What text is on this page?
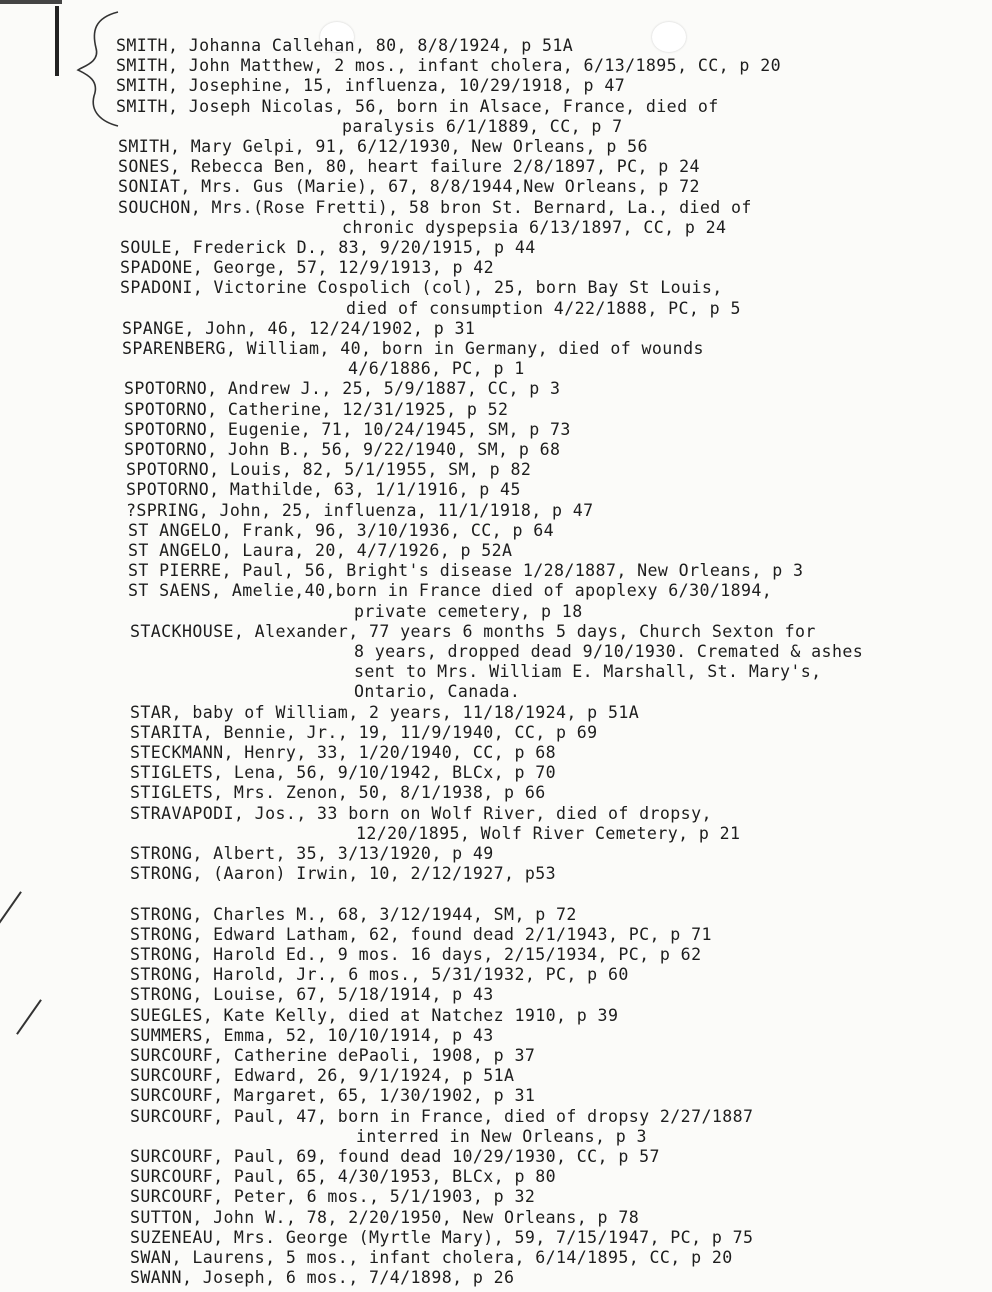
SMITH, Johanna Callehan, 80, 8/8/1924, p 51A
SMITH, John Matthew, 2 mos., infant cholera, 6/13/1895, CC, p 20
SMITH, Josephine, 15, influenza, 10/29/1918, p 47
SMITH, Joseph Nicolas, 56, born in Alsace, France, died of
paralysis 6/1/1889, CC, p 7
SMITH, Mary Gelpi, 91, 6/12/1930, New Orleans, p 56
SONES, Rebecca Ben, 80, heart failure 2/8/1897, PC, p 24
SONIAT, Mrs. Gus (Marie), 67, 8/8/1944,New Orleans, p 72
SOUCHON, Mrs.(Rose Fretti), 58 bron St. Bernard, La., died of
chronic dyspepsia 6/13/1897, CC, p 24
SOULE, Frederick D., 83, 9/20/1915, p 44
SPADONE, George, 57, 12/9/1913, p 42
SPADONI, Victorine Cospolich (col), 25, born Bay St Louis,
died of consumption 4/22/1888, PC, p 5
SPANGE, John, 46, 12/24/1902, p 31
SPARENBERG, William, 40, born in Germany, died of wounds
4/6/1886, PC, p 1
SPOTORNO, Andrew J., 25, 5/9/1887, CC, p 3
SPOTORNO, Catherine, 12/31/1925, p 52
SPOTORNO, Eugenie, 71, 10/24/1945, SM, p 73
SPOTORNO, John B., 56, 9/22/1940, SM, p 68
SPOTORNO, Louis, 82, 5/1/1955, SM, p 82
SPOTORNO, Mathilde, 63, 1/1/1916, p 45
?SPRING, John, 25, influenza, 11/1/1918, p 47
ST ANGELO, Frank, 96, 3/10/1936, CC, p 64
ST ANGELO, Laura, 20, 4/7/1926, p 52A
ST PIERRE, Paul, 56, Bright's disease 1/28/1887, New Orleans, p 3
ST SAENS, Amelie,40,born in France died of apoplexy 6/30/1894,
private cemetery, p 18
STACKHOUSE, Alexander, 77 years 6 months 5 days, Church Sexton for
8 years, dropped dead 9/10/1930. Cremated & ashes
sent to Mrs. William E. Marshall, St. Mary's,
Ontario, Canada.
STAR, baby of William, 2 years, 11/18/1924, p 51A
STARITA, Bennie, Jr., 19, 11/9/1940, CC, p 69
STECKMANN, Henry, 33, 1/20/1940, CC, p 68
STIGLETS, Lena, 56, 9/10/1942, BLCx, p 70
STIGLETS, Mrs. Zenon, 50, 8/1/1938, p 66
STRAVAPODI, Jos., 33 born on Wolf River, died of dropsy,
12/20/1895, Wolf River Cemetery, p 21
STRONG, Albert, 35, 3/13/1920, p 49
STRONG, (Aaron) Irwin, 10, 2/12/1927, p53
STRONG, Charles M., 68, 3/12/1944, SM, p 72
STRONG, Edward Latham, 62, found dead 2/1/1943, PC, p 71
STRONG, Harold Ed., 9 mos. 16 days, 2/15/1934, PC, p 62
STRONG, Harold, Jr., 6 mos., 5/31/1932, PC, p 60
STRONG, Louise, 67, 5/18/1914, p 43
SUEGLES, Kate Kelly, died at Natchez 1910, p 39
SUMMERS, Emma, 52, 10/10/1914, p 43
SURCOURF, Catherine dePaoli, 1908, p 37
SURCOURF, Edward, 26, 9/1/1924, p 51A
SURCOURF, Margaret, 65, 1/30/1902, p 31
SURCOURF, Paul, 47, born in France, died of dropsy 2/27/1887
interred in New Orleans, p 3
SURCOURF, Paul, 69, found dead 10/29/1930, CC, p 57
SURCOURF, Paul, 65, 4/30/1953, BLCx, p 80
SURCOURF, Peter, 6 mos., 5/1/1903, p 32
SUTTON, John W., 78, 2/20/1950, New Orleans, p 78
SUZENEAU, Mrs. George (Myrtle Mary), 59, 7/15/1947, PC, p 75
SWAN, Laurens, 5 mos., infant cholera, 6/14/1895, CC, p 20
SWANN, Joseph, 6 mos., 7/4/1898, p 26
